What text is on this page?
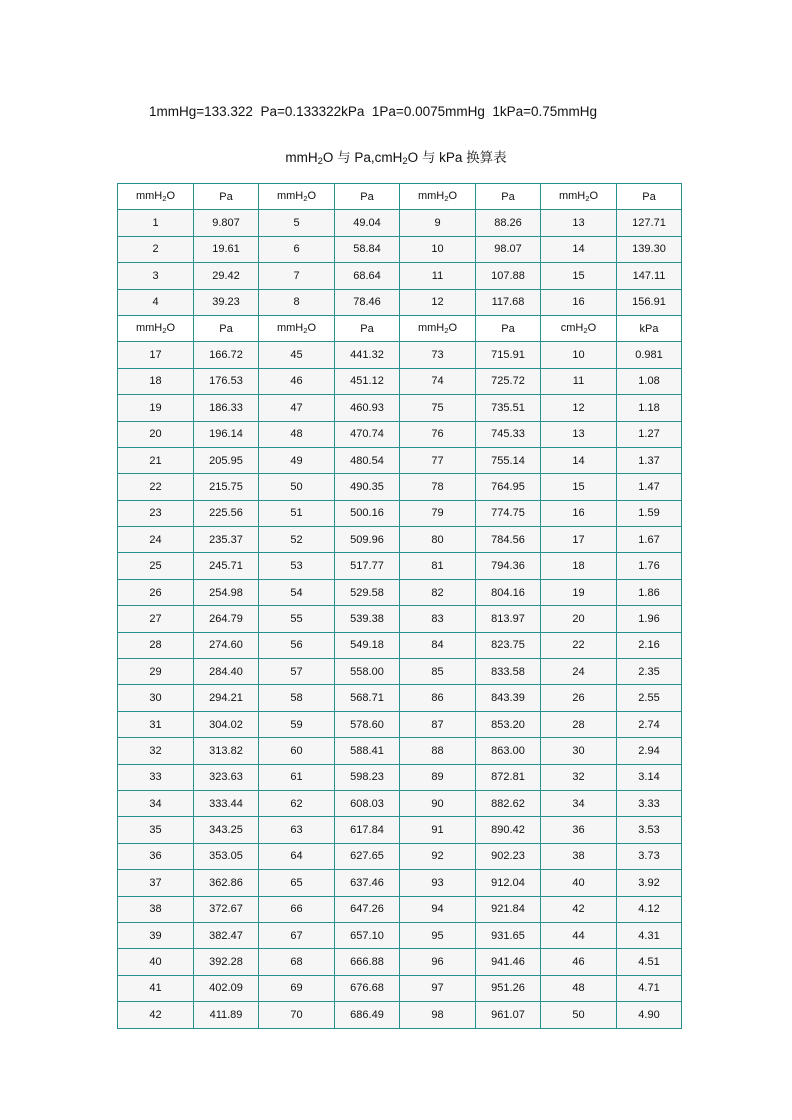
1mmHg=133.322  Pa=0.133322kPa  1Pa=0.0075mmHg  1kPa=0.75mmHg
mmH$_2$O 与 Pa,cmH$_2$O 与 kPa 换算表
mmH$_2$O	Pa	mmH$_2$O	Pa	mmH$_2$O	Pa	mmH$_2$O	Pa
1	9.807	5	49.04	9	88.26	13	127.71
2	19.61	6	58.84	10	98.07	14	139.30
3	29.42	7	68.64	11	107.88	15	147.11
4	39.23	8	78.46	12	117.68	16	156.91
mmH$_2$O	Pa	mmH$_2$O	Pa	mmH$_2$O	Pa	cmH$_2$O	kPa
17	166.72	45	441.32	73	715.91	10	0.981
18	176.53	46	451.12	74	725.72	11	1.08
19	186.33	47	460.93	75	735.51	12	1.18
20	196.14	48	470.74	76	745.33	13	1.27
21	205.95	49	480.54	77	755.14	14	1.37
22	215.75	50	490.35	78	764.95	15	1.47
23	225.56	51	500.16	79	774.75	16	1.59
24	235.37	52	509.96	80	784.56	17	1.67
25	245.71	53	517.77	81	794.36	18	1.76
26	254.98	54	529.58	82	804.16	19	1.86
27	264.79	55	539.38	83	813.97	20	1.96
28	274.60	56	549.18	84	823.75	22	2.16
29	284.40	57	558.00	85	833.58	24	2.35
30	294.21	58	568.71	86	843.39	26	2.55
31	304.02	59	578.60	87	853.20	28	2.74
32	313.82	60	588.41	88	863.00	30	2.94
33	323.63	61	598.23	89	872.81	32	3.14
34	333.44	62	608.03	90	882.62	34	3.33
35	343.25	63	617.84	91	890.42	36	3.53
36	353.05	64	627.65	92	902.23	38	3.73
37	362.86	65	637.46	93	912.04	40	3.92
38	372.67	66	647.26	94	921.84	42	4.12
39	382.47	67	657.10	95	931.65	44	4.31
40	392.28	68	666.88	96	941.46	46	4.51
41	402.09	69	676.68	97	951.26	48	4.71
42	411.89	70	686.49	98	961.07	50	4.90
